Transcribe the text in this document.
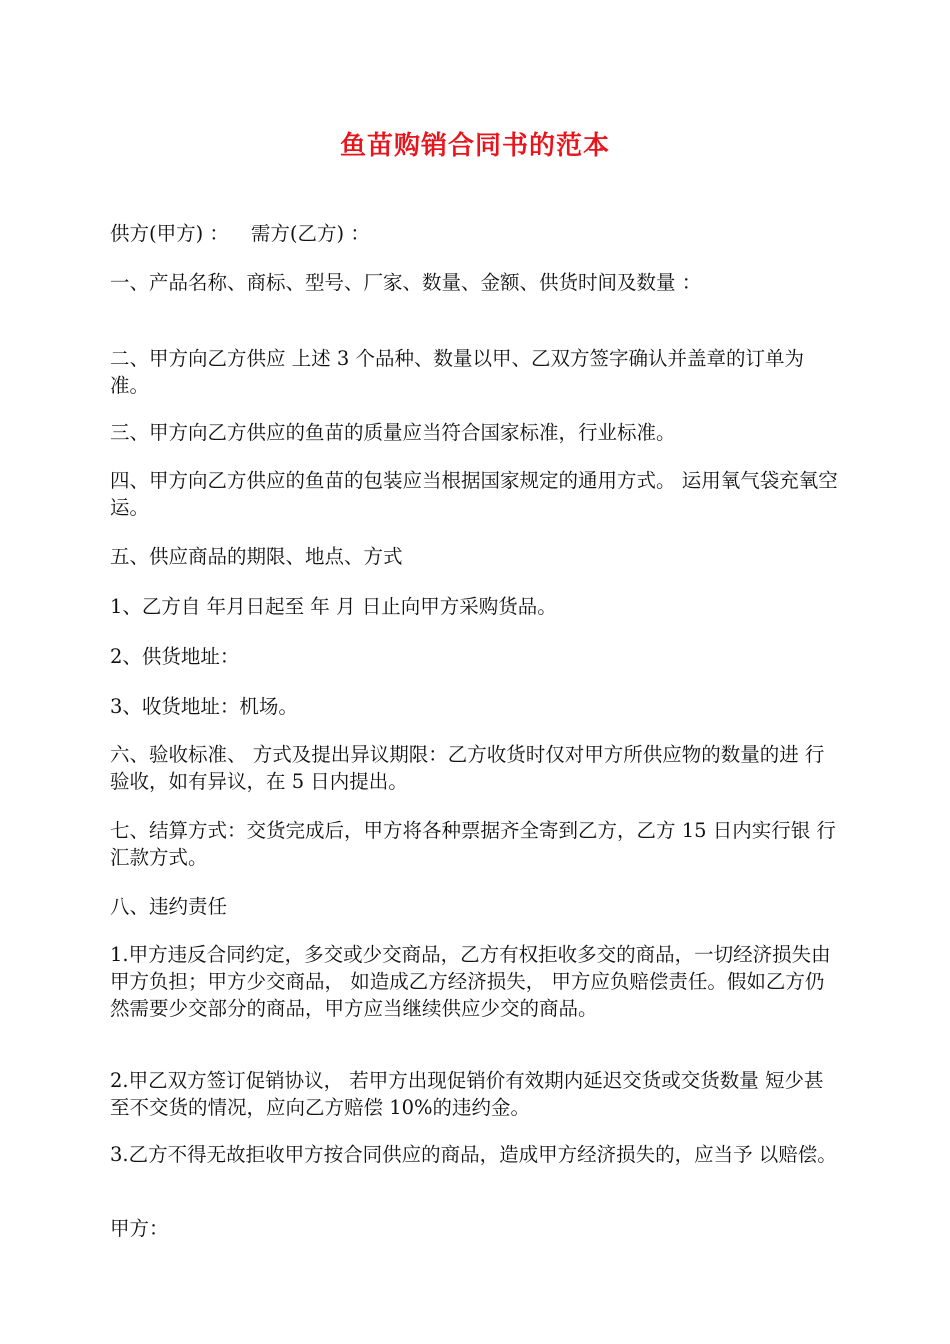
鱼苗购销合同书的范本
供方(甲方) ： 需方(乙方) ：
一、产品名称、商标、型号、厂家、数量、金额、供货时间及数量 ：
二、甲方向乙方供应 上述 3 个品种、数量以甲、乙双方签字确认并盖章的订单为准。
三、甲方向乙方供应的鱼苗的质量应当符合国家标准，行业标准。
四、甲方向乙方供应的鱼苗的包装应当根据国家规定的通用方式。 运用氧气袋充氧空运。
五、供应商品的期限、地点、方式
1、乙方自 年月日起至 年 月 日止向甲方采购货品。
2、供货地址：
3、收货地址：机场。
六、验收标准、 方式及提出异议期限：乙方收货时仅对甲方所供应物的数量的进 行验收，如有异议，在 5 日内提出。
七、结算方式：交货完成后，甲方将各种票据齐全寄到乙方，乙方 15 日内实行银 行汇款方式。
八、违约责任
1.甲方违反合同约定，多交或少交商品，乙方有权拒收多交的商品，一切经济损失由甲方负担；甲方少交商品， 如造成乙方经济损失， 甲方应负赔偿责任。假如乙方仍然需要少交部分的商品，甲方应当继续供应少交的商品。
2.甲乙双方签订促销协议， 若甲方出现促销价有效期内延迟交货或交货数量 短少甚至不交货的情况，应向乙方赔偿 10%的违约金。
3.乙方不得无故拒收甲方按合同供应的商品，造成甲方经济损失的，应当予 以赔偿。
甲方：
